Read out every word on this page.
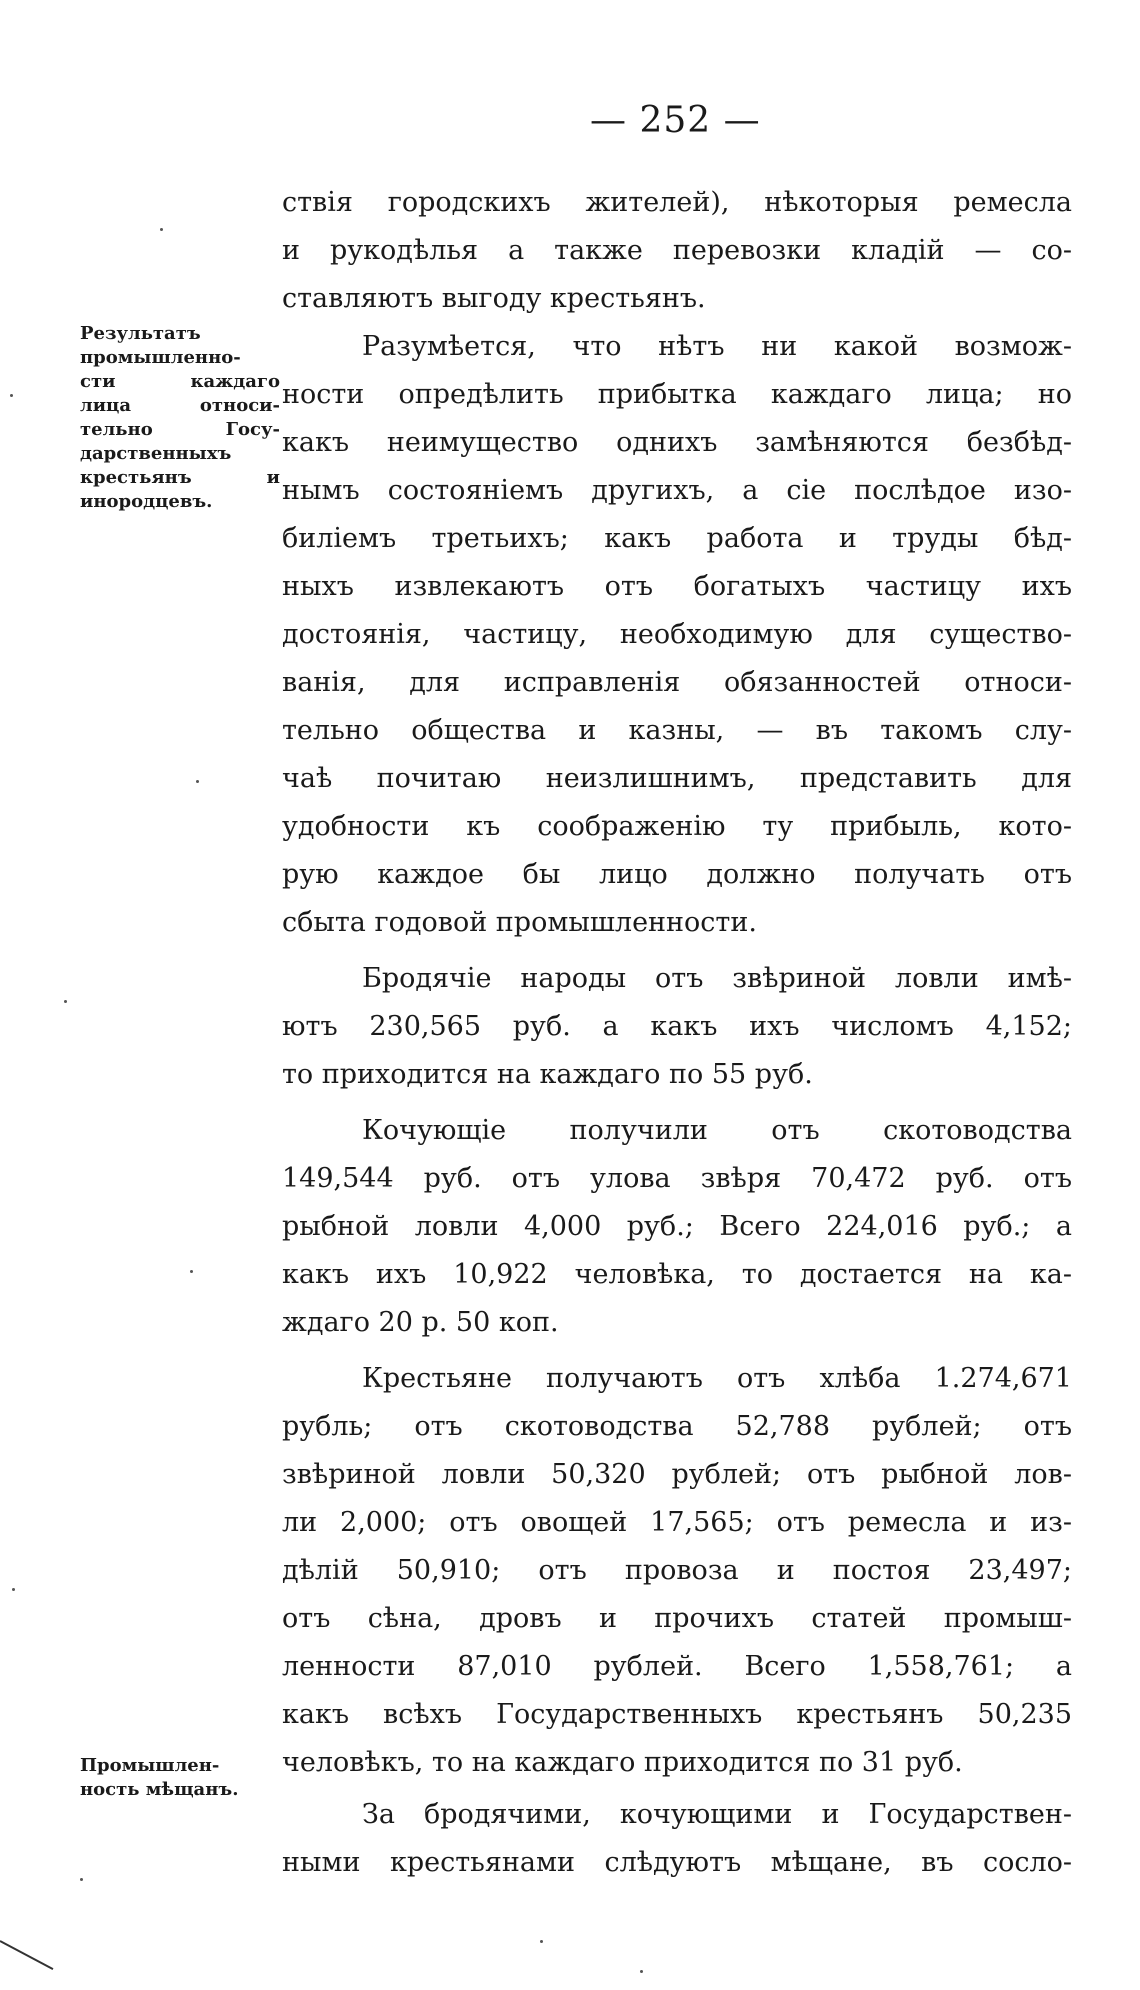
— 252 —
Результатъ
промышленно-
сти каждаго
лица относи-
тельно Госу-
дарственныхъ
крестьянъ и
инородцевъ.
Промышлен-
ность мѣщанъ.
ствія городскихъ жителей), нѣкоторыя ремесла
и рукодѣлья а также перевозки кладій — со-
ставляютъ выгоду крестьянъ.
Разумѣется, что нѣтъ ни какой возмож-
ности опредѣлить прибытка каждаго лица; но
какъ неимущество однихъ замѣняются безбѣд-
нымъ состояніемъ другихъ, а сіе послѣдое изо-
биліемъ третьихъ; какъ работа и труды бѣд-
ныхъ извлекаютъ отъ богатыхъ частицу ихъ
достоянія, частицу, необходимую для существо-
ванія, для исправленія обязанностей относи-
тельно общества и казны, — въ такомъ слу-
чаѣ почитаю неизлишнимъ, представить для
удобности къ соображенію ту прибыль, кото-
рую каждое бы лицо должно получать отъ
сбыта годовой промышленности.
Бродячіе народы отъ звѣриной ловли имѣ-
ютъ 230,565 руб. а какъ ихъ числомъ 4,152;
то приходится на каждаго по 55 руб.
Кочующіе получили отъ скотоводства
149,544 руб. отъ улова звѣря 70,472 руб. отъ
рыбной ловли 4,000 руб.; Всего 224,016 руб.; а
какъ ихъ 10,922 человѣка, то достается на ка-
ждаго 20 р. 50 коп.
Крестьяне получаютъ отъ хлѣба 1.274,671
рубль; отъ скотоводства 52,788 рублей; отъ
звѣриной ловли 50,320 рублей; отъ рыбной лов-
ли 2,000; отъ овощей 17,565; отъ ремесла и из-
дѣлій 50,910; отъ провоза и постоя 23,497;
отъ сѣна, дровъ и прочихъ статей промыш-
ленности 87,010 рублей. Всего 1,558,761; а
какъ всѣхъ Государственныхъ крестьянъ 50,235
человѣкъ, то на каждаго приходится по 31 руб.
За бродячими, кочующими и Государствен-
ными крестьянами слѣдуютъ мѣщане, въ сосло-
